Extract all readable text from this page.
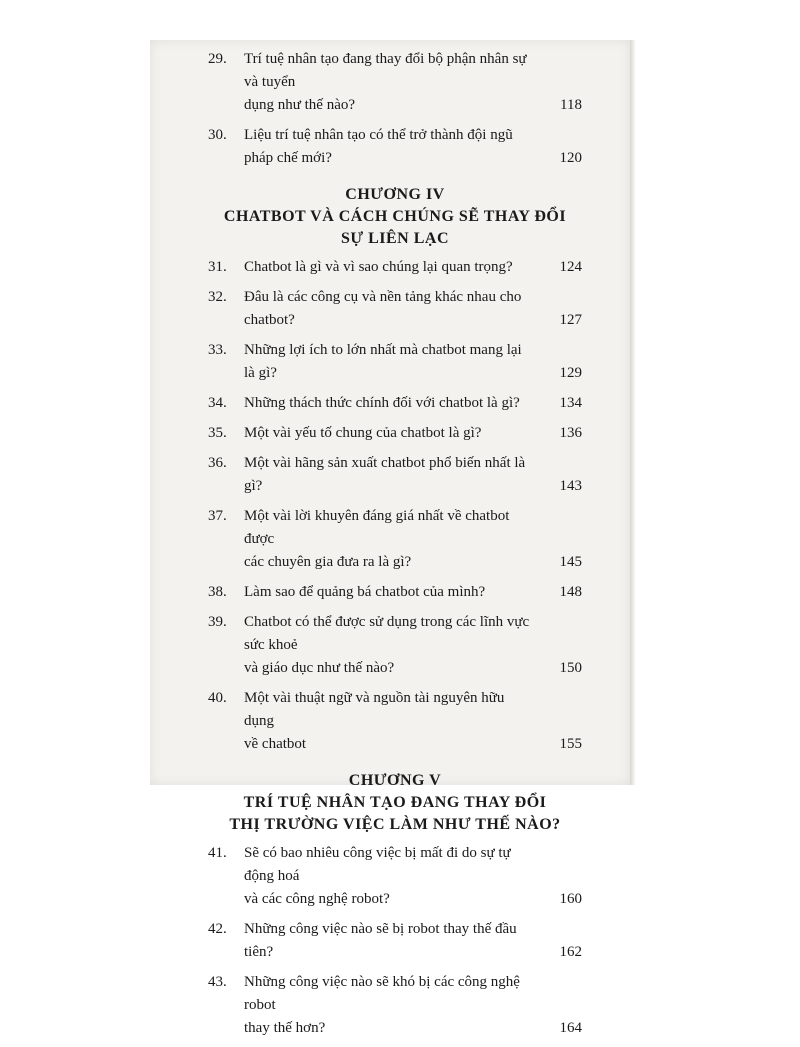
29.	Trí tuệ nhân tạo đang thay đổi bộ phận nhân sự và tuyển
dụng như thế nào?	118
30.	Liệu trí tuệ nhân tạo có thể trở thành đội ngũ
pháp chế mới?	120
CHƯƠNG IV
CHATBOT VÀ CÁCH CHÚNG SẼ THAY ĐỔI
SỰ LIÊN LẠC
31.	Chatbot là gì và vì sao chúng lại quan trọng?	124
32.	Đâu là các công cụ và nền tảng khác nhau cho chatbot?	127
33.	Những lợi ích to lớn nhất mà chatbot mang lại là gì?	129
34.	Những thách thức chính đối với chatbot là gì?	134
35.	Một vài yếu tố chung của chatbot là gì?	136
36.	Một vài hãng sản xuất chatbot phổ biến nhất là gì?	143
37.	Một vài lời khuyên đáng giá nhất về chatbot được
các chuyên gia đưa ra là gì?	145
38.	Làm sao để quảng bá chatbot của mình?	148
39.	Chatbot có thể được sử dụng trong các lĩnh vực sức khoẻ
và giáo dục như thế nào?	150
40.	Một vài thuật ngữ và nguồn tài nguyên hữu dụng
về chatbot	155
CHƯƠNG V
TRÍ TUỆ NHÂN TẠO ĐANG THAY ĐỔI
THỊ TRƯỜNG VIỆC LÀM NHƯ THẾ NÀO?
41.	Sẽ có bao nhiêu công việc bị mất đi do sự tự động hoá
và các công nghệ robot?	160
42.	Những công việc nào sẽ bị robot thay thế đầu tiên?	162
43.	Những công việc nào sẽ khó bị các công nghệ robot
thay thế hơn?	164
